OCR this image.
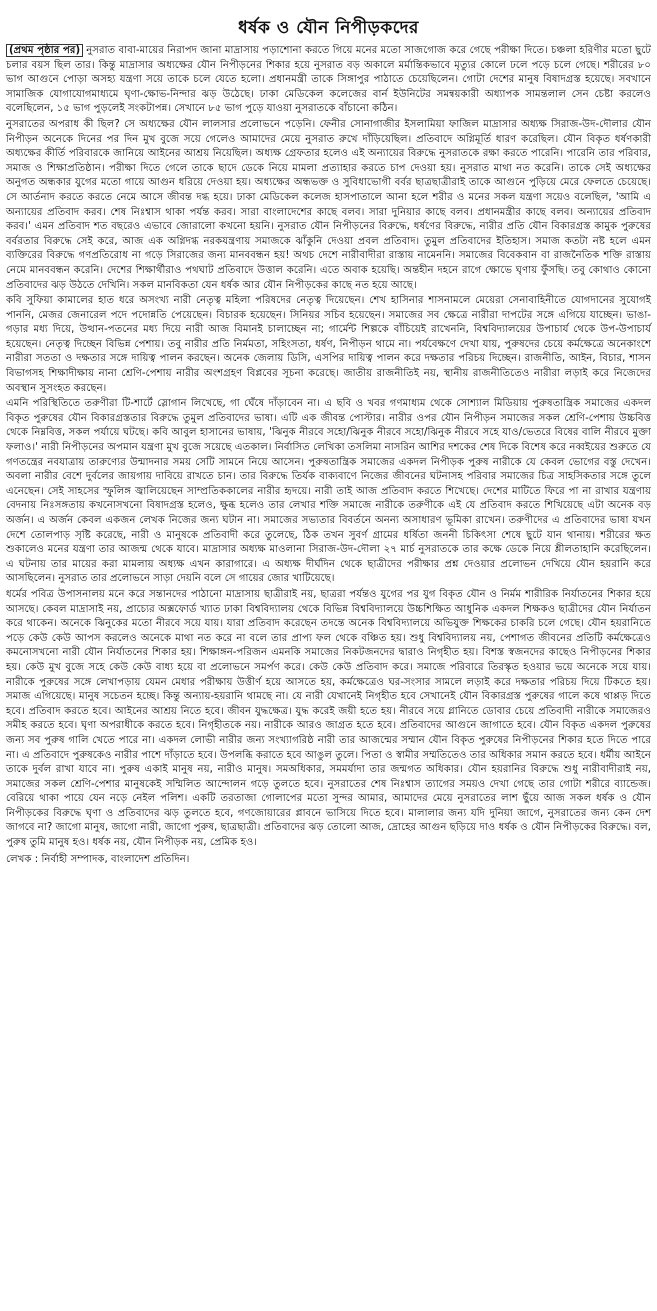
ধর্ষক ও যৌন নিপীড়কদের

(প্রথম পৃষ্ঠার পর) নুসরাত বাবা-মায়ের নিরাপদ জানা মাদ্রাসায় পড়াশোনা করতে গিয়ে মনের মতো সাজগোজ করে গেছে পরীক্ষা দিতে। চঞ্চলা হরিণীর মতো ছুটে চলার বয়স ছিল তার। কিন্তু মাদ্রাসার অধ্যক্ষের যৌন নিপীড়নের শিকার হয়ে নুসরাত বড় অকালে মর্মান্তিকভাবে মৃত্যুর কোলে ঢলে পড়ে চলে গেছে। শরীরের ৮০ ভাগ আগুনে পোড়া অসহ্য যন্ত্রণা সয়ে তাকে চলে যেতে হলো। প্রধানমন্ত্রী তাকে সিঙ্গাপুর পাঠাতে চেয়েছিলেন। গোটা দেশের মানুষ বিষাদগ্রস্ত হয়েছে। সবখানে সামাজিক যোগাযোগমাধ্যমে ঘৃণা-ক্ষোভ-নিন্দার ঝড় উঠেছে। ঢাকা মেডিকেল কলেজের বার্ন ইউনিটের সমন্বয়কারী অধ্যাপক সামন্তলাল সেন চেষ্টা করলেও বলেছিলেন, ১৫ ভাগ পুড়লেই সংকটাপন্ন। সেখানে ৮৫ ভাগ পুড়ে যাওয়া নুসরাতকে বাঁচানো কঠিন।

নুসরাতের অপরাধ কী ছিল? সে অধ্যক্ষের যৌন লালসার প্রলোভনে পড়েনি। ফেনীর সোনাগাজীর ইসলামিয়া ফাজিল মাদ্রাসার অধ্যক্ষ সিরাজ-উদ-দৌলার যৌন নিপীড়ন অনেকে দিনের পর দিন মুখ বুজে সয়ে গেলেও আমাদের মেয়ে নুসরাত রুখে দাঁড়িয়েছিল। প্রতিবাদে অগ্নিমূর্তি ধারণ করেছিল। যৌন বিকৃত ধর্ষণকারী অধ্যক্ষের কীর্তি পরিবারকে জানিয়ে আইনের আশ্রয় নিয়েছিল। অধ্যক্ষ গ্রেফতার হলেও এই অন্যায়ের বিরুদ্ধে নুসরাতকে রক্ষা করতে পারেনি। পারেনি তার পরিবার, সমাজ ও শিক্ষাপ্রতিষ্ঠান। পরীক্ষা দিতে গেলে তাকে ছাদে ডেকে নিয়ে মামলা প্রত্যাহার করতে চাপ দেওয়া হয়। নুসরাত মাথা নত করেনি। তাকে সেই অধ্যক্ষের অনুগত অন্ধকার যুগের মতো গায়ে আগুন ধরিয়ে দেওয়া হয়। অধ্যক্ষের অন্ধভক্ত ও সুবিধাভোগী বর্বর ছাত্রছাত্রীরাই তাকে আগুনে পুড়িয়ে মেরে ফেলতে চেয়েছে। সে আর্তনাদ করতে করতে নেমে আসে জীবন্ত দগ্ধ হয়ে। ঢাকা মেডিকেল কলেজ হাসপাতালে আনা হলে শরীর ও মনের সকল যন্ত্রণা সয়েও বলেছিল, 'আমি এ অন্যায়ের প্রতিবাদ করব। শেষ নিঃশ্বাস থাকা পর্যন্ত করব। সারা বাংলাদেশের কাছে বলব। সারা দুনিয়ার কাছে বলব। প্রধানমন্ত্রীর কাছে বলব। অন্যায়ের প্রতিবাদ করব।' এমন প্রতিবাদ শত বছরেও এভাবে জোরালো কখনো হয়নি। নুসরাত যৌন নিপীড়নের বিরুদ্ধে, ধর্ষণের বিরুদ্ধে, নারীর প্রতি যৌন বিকারগ্রস্ত কামুক পুরুষের বর্বরতার বিরুদ্ধে সেই করে, আজ এক অগ্নিদগ্ধ নরকযন্ত্রণায় সমাজকে ঝাঁকুনি দেওয়া প্রবল প্রতিবাদ। তুমুল প্রতিবাদের ইতিহাস। সমাজ কতটা নষ্ট হলে এমন ব্যক্তিরের বিরুদ্ধে গণপ্রতিরোধ না গড়ে সিরাজের জন্য মানববন্ধন হয়! অথচ দেশে নারীবাদীরা রাস্তায় নামেননি। সমাজের বিবেকবান বা রাজনৈতিক শক্তি রাস্তায় নেমে মানববন্ধন করেনি। দেশের শিক্ষার্থীরাও পথঘাট প্রতিবাদে উত্তাল করেনি। এতে অবাক হয়েছি। অন্তহীন দহনে রাগে ক্ষোভে ঘৃণায় ফুঁসছি। তবু কোথাও কোনো প্রতিবাদের ঝড় উঠতে দেখিনি। সকল মানবিকতা যেন ধর্ষক আর যৌন নিপীড়কের কাছে নত হয়ে আছে।

কবি সুফিয়া কামালের হাত ধরে অসংখ্য নারী নেতৃত্ব মহিলা পরিষদের নেতৃত্ব দিয়েছেন। শেখ হাসিনার শাসনামলে মেয়েরা সেনাবাহিনীতে যোগদানের সুযোগই পাননি, মেজর জেনারেল পদে পদোন্নতি পেয়েছেন। বিচারক হয়েছেন। সিনিয়র সচিব হয়েছেন। সমাজের সব ক্ষেত্রে নারীরা দাপটের সঙ্গে এগিয়ে যাচ্ছেন। ভাঙা-গড়ার মধ্য দিয়ে, উত্থান-পতনের মধ্য দিয়ে নারী আজ বিমানই চালাচ্ছেন না; গার্মেন্ট শিল্পকে বাঁচিয়েই রাখেননি, বিশ্ববিদ্যালয়ের উপাচার্য থেকে উপ-উপাচার্য হয়েছেন। নেতৃত্ব দিচ্ছেন বিভিন্ন পেশায়। তবু নারীর প্রতি নির্মমতা, সহিংসতা, ধর্ষণ, নিপীড়ন থামে না। পর্যবেক্ষণে দেখা যায়, পুরুষদের চেয়ে কর্মক্ষেত্রে অনেকাংশে নারীরা সততা ও দক্ষতার সঙ্গে দায়িত্ব পালন করছেন। অনেক জেলায় ডিসি, এসপির দায়িত্ব পালন করে দক্ষতার পরিচয় দিচ্ছেন। রাজনীতি, আইন, বিচার, শাসন বিভাগসহ শিক্ষাদীক্ষায় নানা শ্রেণি-পেশায় নারীর অংশগ্রহণ বিপ্লবের সূচনা করেছে। জাতীয় রাজনীতিই নয়, স্থানীয় রাজনীতিতেও নারীরা লড়াই করে নিজেদের অবস্থান সুসংহত করছেন।

এমনি পরিস্থিতিতে তরুণীরা টি-শার্টে স্লোগান লিখেছে, গা ঘেঁষে দাঁড়াবেন না। এ ছবি ও খবর গণমাধ্যম থেকে সোশ্যাল মিডিয়ায় পুরুষতান্ত্রিক সমাজের একদল বিকৃত পুরুষের যৌন বিকারগ্রস্ততার বিরুদ্ধে তুমুল প্রতিবাদের ভাষা। এটি এক জীবন্ত পোস্টার। নারীর ওপর যৌন নিপীড়ন সমাজের সকল শ্রেণি-পেশায় উচ্চবিত্ত থেকে নিম্নবিত্ত, সকল পর্যায়ে ঘটছে। কবি আবুল হাসানের ভাষায়, 'ঝিনুক নীরবে সহো/ঝিনুক নীরবে সহো/ঝিনুক নীরবে সহে যাও/ভেতরে বিষের বালি নীরবে মুক্তা ফলাও।' নারী নিপীড়নের অপমান যন্ত্রণা মুখ বুজে সয়েছে এতকাল। নির্বাসিত লেখিকা তসলিমা নাসরিন আশির দশকের শেষ দিকে বিশেষ করে নব্বইয়ের শুরুতে যে গণতন্ত্রের নবযাত্রায় তারুণ্যের উন্মাদনার সময় সেটি সামনে নিয়ে আসেন। পুরুষতান্ত্রিক সমাজের একদল নিপীড়ক পুরুষ নারীকে যে কেবল ভোগের বস্তু দেখেন। অবলা নারীর বেশে দুর্বলের জায়গায় দাবিয়ে রাখতে চান। তার বিরুদ্ধে তির্যক বাক্যবাণে নিজের জীবনের ঘটনাসহ পরিবার সমাজের চিত্র সাহসিকতার সঙ্গে তুলে এনেছেন। সেই সাহসের স্ফুলিঙ্গ জ্বালিয়েছেন সাম্প্রতিককালের নারীর হৃদয়ে। নারী তাই আজ প্রতিবাদ করতে শিখেছে। দেশের মাটিতে ফিরে পা না রাখার যন্ত্রণায় বেদনায় নিঃসঙ্গতায় কখনোসখনো বিষাদগ্রস্ত হলেও, ক্ষুব্ধ হলেও তার লেখার শক্তি সমাজে নারীকে তরুণীকে এই যে প্রতিবাদ করতে শিখিয়েছে এটা অনেক বড় অর্জন। এ অর্জন কেবল একজন লেখক নিজের জন্য ঘটান না। সমাজের সভ্যতার বিবর্তনে অনন্য অসাধারণ ভূমিকা রাখেন। তরুণীদের এ প্রতিবাদের ভাষা যখন দেশে তোলপাড় সৃষ্টি করেছে, নারী ও মানুষকে প্রতিবাদী করে তুলেছে, ঠিক তখন সুবর্ণ গ্রামের ধর্ষিতা জননী চিকিৎসা শেষে ছুটে যান থানায়। শরীরের ক্ষত শুকালেও মনের যন্ত্রণা তার আজন্ম থেকে যাবে। মাদ্রাসার অধ্যক্ষ মাওলানা সিরাজ-উদ-দৌলা ২৭ মার্চ নুসরাতকে তার কক্ষে ডেকে নিয়ে শ্লীলতাহানি করেছিলেন। এ ঘটনায় তার মায়ের করা মামলায় অধ্যক্ষ এখন কারাগারে। এ অধ্যক্ষ দীর্ঘদিন থেকে ছাত্রীদের পরীক্ষার প্রশ্ন দেওয়ার প্রলোভন দেখিয়ে যৌন হয়রানি করে আসছিলেন। নুসরাত তার প্রলোভনে সাড়া দেয়নি বলে সে গায়ের জোর খাটিয়েছে।

ধর্মের পবিত্র উপাসনালয় মনে করে সন্তানদের পাঠানো মাদ্রাসায় ছাত্রীরাই নয়, ছাত্ররা পর্যন্তও যুগের পর যুগ বিকৃত যৌন ও নির্মম শারীরিক নির্যাতনের শিকার হয়ে আসছে। কেবল মাদ্রাসাই নয়, প্রাচ্যের অক্সফোর্ড খ্যাত ঢাকা বিশ্ববিদ্যালয় থেকে বিভিন্ন বিশ্ববিদ্যালয়ে উচ্চশিক্ষিত আধুনিক একদল শিক্ষকও ছাত্রীদের যৌন নির্যাতন করে থাকেন। অনেকে ঝিনুকের মতো নীরবে সয়ে যায়। যারা প্রতিবাদ করেছেন তদন্তে অনেক বিশ্ববিদ্যালয়ে অভিযুক্ত শিক্ষকের চাকরি চলে গেছে। যৌন হয়রানিতে পড়ে কেউ কেউ আপস করলেও অনেকে মাথা নত করে না বলে তার প্রাপ্য ফল থেকে বঞ্চিত হয়। শুধু বিশ্ববিদ্যালয় নয়, পেশাগত জীবনের প্রতিটি কর্মক্ষেত্রেও কমনোসখনো নারী যৌন নির্যাতনের শিকার হয়। শিক্ষাঙ্গন-পরিজন এমনকি সমাজের নিকটজনদের দ্বারাও নিগৃহীত হয়। বিশস্ত স্বজনদের কাছেও নিপীড়নের শিকার হয়। কেউ মুখ বুজে সহে কেউ কেউ বাধ্য হয়ে বা প্রলোভনে সমর্পণ করে। কেউ কেউ প্রতিবাদ করে। সমাজে পরিবারে তিরস্কৃত হওয়ার ভয়ে অনেকে সয়ে যায়। নারীকে পুরুষের সঙ্গে লেখাপড়ায় যেমন মেধার পরীক্ষায় উত্তীর্ণ হয়ে আসতে হয়, কর্মক্ষেত্রেও ঘর-সংসার সামলে লড়াই করে দক্ষতার পরিচয় দিয়ে টিকতে হয়। সমাজ এগিয়েছে। মানুষ সচেতন হচ্ছে। কিন্তু অন্যায়-হয়রানি থামছে না। যে নারী যেখানেই নিগৃহীত হবে সেখানেই যৌন বিকারগ্রস্ত পুরুষের গালে কষে থাপ্পড় দিতে হবে। প্রতিবাদ করতে হবে। আইনের আশ্রয় নিতে হবে। জীবন যুদ্ধক্ষেত্র। যুদ্ধ করেই জয়ী হতে হয়। নীরবে সয়ে গ্লানিতে ডোবার চেয়ে প্রতিবাদী নারীকে সমাজেরও সমীহ করতে হবে। ঘৃণা অপরাধীকে করতে হবে। নিগৃহীতকে নয়। নারীকে আরও জাগ্রত হতে হবে। প্রতিবাদের আগুনে জাগাতে হবে। যৌন বিকৃত একদল পুরুষের জন্য সব পুরুষ গালি খেতে পারে না। একদল লোভী নারীর জন্য সংখ্যাগরিষ্ঠ নারী তার আজন্মের সম্মান যৌন বিকৃত পুরুষের নিপীড়নের শিকার হতে দিতে পারে না। এ প্রতিবাদে পুরুষকেও নারীর পাশে দাঁড়াতে হবে। উপলব্ধি করাতে হবে আঙুল তুলে। পিতা ও স্বামীর সম্মতিতেও তার অধিকার সমান করতে হবে। ধর্মীয় আইনে তাকে দুর্বল রাখা যাবে না। পুরুষ একাই মানুষ নয়, নারীও মানুষ। সমঅধিকার, সমমর্যাদা তার জন্মগত অধিকার। যৌন হয়রানির বিরুদ্ধে শুধু নারীবাদীরাই নয়, সমাজের সকল শ্রেণি-পেশার মানুষকেই সম্মিলিত আন্দোলন গড়ে তুলতে হবে। নুসরাতের শেষ নিঃশ্বাস ত্যাগের সময়ও দেখা গেছে তার গোটা শরীরে ব্যান্ডেজ। বেরিয়ে থাকা পায়ে যেন নড়ে নেইল পলিশ। একটি তরতাজা গোলাপের মতো সুন্দর আমার, আমাদের মেয়ে নুসরাতের লাশ ছুঁয়ে আজ সকল ধর্ষক ও যৌন নিপীড়কের বিরুদ্ধে ঘৃণা ও প্রতিবাদের ঝড় তুলতে হবে, গণজোয়ারের প্লাবনে ভাসিয়ে দিতে হবে। মালালার জন্য যদি দুনিয়া জাগে, নুসরাতের জন্য কেন দেশ জাগবে না? জাগো মানুষ, জাগো নারী, জাগো পুরুষ, ছাত্রছাত্রী। প্রতিবাদের ঝড় তোলো আজ, দ্রোহের আগুন ছড়িয়ে দাও ধর্ষক ও যৌন নিপীড়কের বিরুদ্ধে। বল, পুরুষ তুমি মানুষ হও। ধর্ষক নয়, যৌন নিপীড়ক নয়, প্রেমিক হও।

লেখক : নির্বাহী সম্পাদক, বাংলাদেশ প্রতিদিন।
